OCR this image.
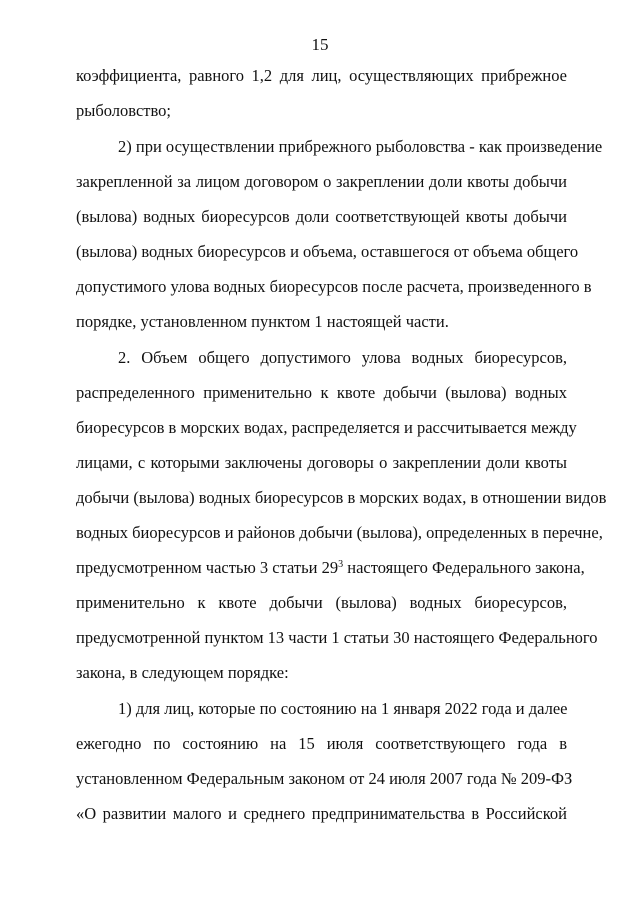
15
коэффициента, равного 1,2 для лиц, осуществляющих прибрежное
рыболовство;
2) при осуществлении прибрежного рыболовства - как произведение
закрепленной за лицом договором о закреплении доли квоты добычи
(вылова) водных биоресурсов доли соответствующей квоты добычи
(вылова) водных биоресурсов и объема, оставшегося от объема общего
допустимого улова водных биоресурсов после расчета, произведенного в
порядке, установленном пунктом 1 настоящей части.
2. Объем общего допустимого улова водных биоресурсов,
распределенного применительно к квоте добычи (вылова) водных
биоресурсов в морских водах, распределяется и рассчитывается между
лицами, с которыми заключены договоры о закреплении доли квоты
добычи (вылова) водных биоресурсов в морских водах, в отношении видов
водных биоресурсов и районов добычи (вылова), определенных в перечне,
предусмотренном частью 3 статьи $29^3$ настоящего Федерального закона,
применительно к квоте добычи (вылова) водных биоресурсов,
предусмотренной пунктом 13 части 1 статьи 30 настоящего Федерального
закона, в следующем порядке:
1) для лиц, которые по состоянию на 1 января 2022 года и далее
ежегодно по состоянию на 15 июля соответствующего года в
установленном Федеральным законом от 24 июля 2007 года № 209-ФЗ
«О развитии малого и среднего предпринимательства в Российской
